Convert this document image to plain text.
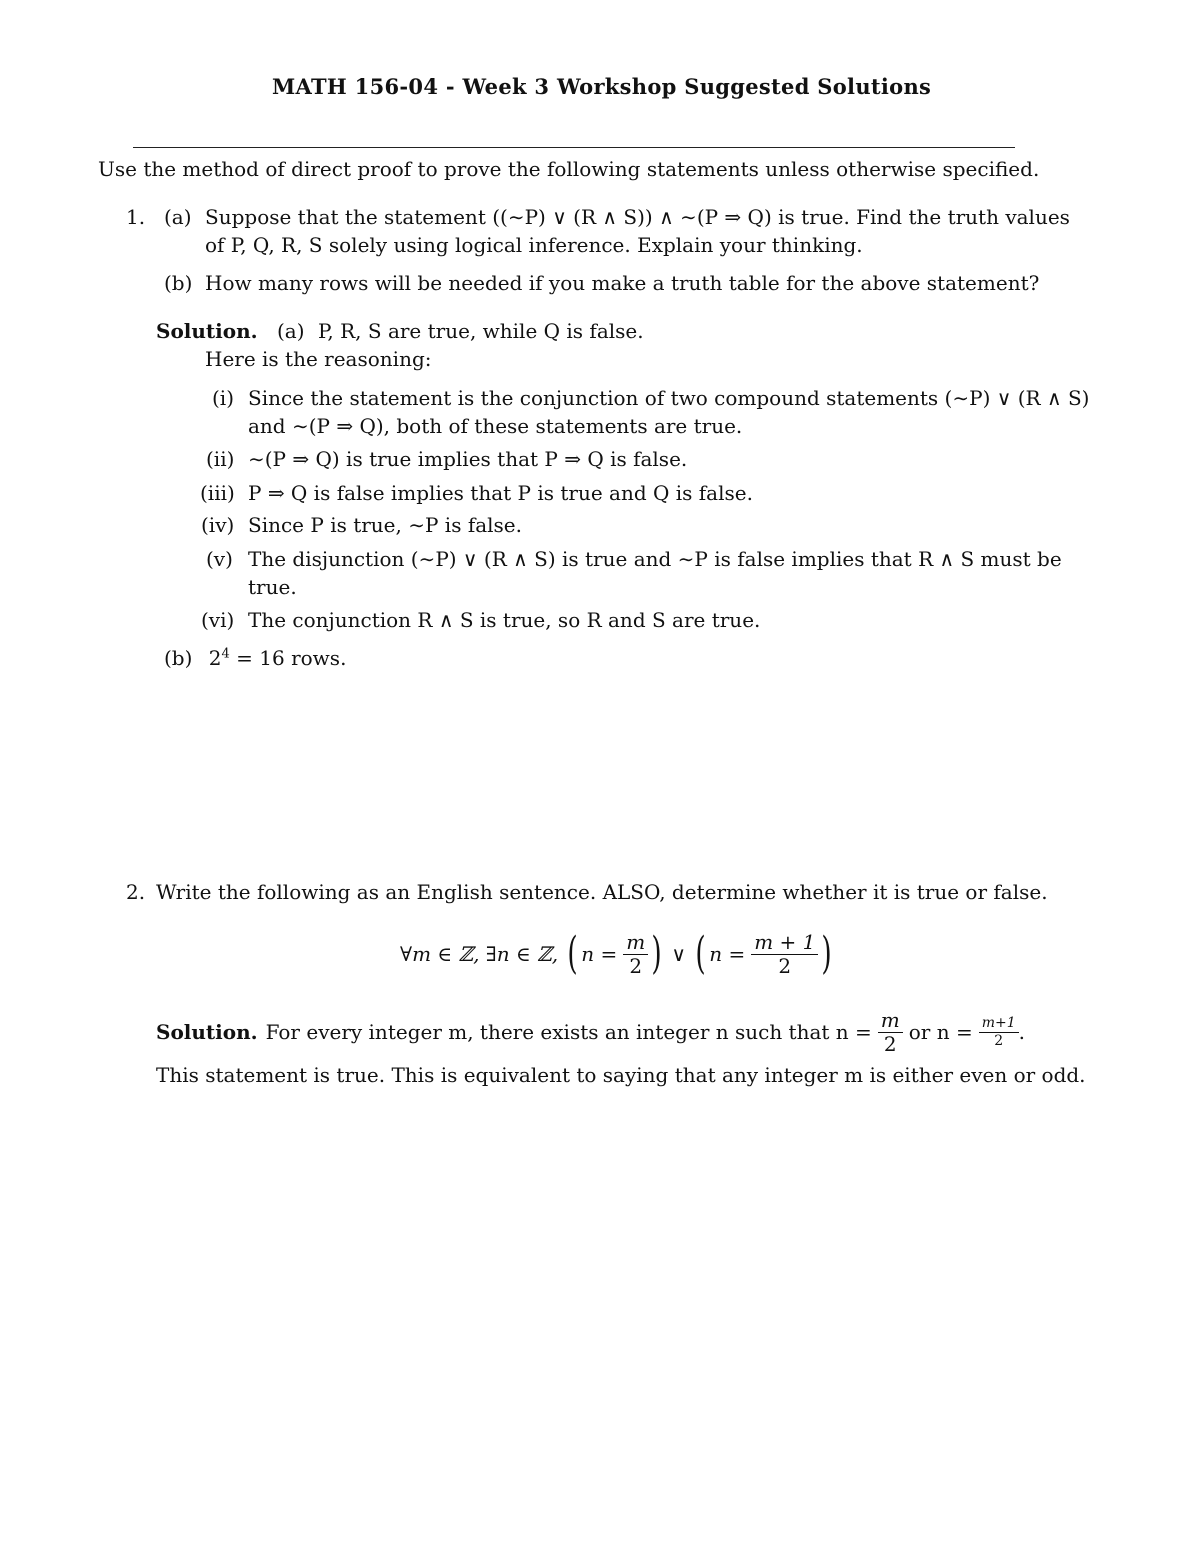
MATH 156-04 - Week 3 Workshop Suggested Solutions
Use the method of direct proof to prove the following statements unless otherwise specified.
1. (a) Suppose that the statement ((∼P) ∨ (R ∧ S)) ∧ ∼(P ⇒ Q) is true. Find the truth values
of P, Q, R, S solely using logical inference. Explain your thinking.
(b) How many rows will be needed if you make a truth table for the above statement?
Solution. (a) P, R, S are true, while Q is false.
Here is the reasoning:
(i) Since the statement is the conjunction of two compound statements (∼P) ∨ (R ∧ S)
and ∼(P ⇒ Q), both of these statements are true.
(ii) ∼(P ⇒ Q) is true implies that P ⇒ Q is false.
(iii) P ⇒ Q is false implies that P is true and Q is false.
(iv) Since P is true, ∼P is false.
(v) The disjunction (∼P) ∨ (R ∧ S) is true and ∼P is false implies that R ∧ S must be
true.
(vi) The conjunction R ∧ S is true, so R and S are true.
(b) $2^4 = 16$ rows.
2. Write the following as an English sentence. ALSO, determine whether it is true or false.
∀m ∈ ℤ, ∃n ∈ ℤ, ( $n = \frac{m}{2}$ ) ∨ ( $n = \frac{m + 1}{2}$ )
Solution. For every integer m, there exists an integer n such that $n = \frac{m}{2}$ or $n = \frac{m+1}{2}$ .
This statement is true. This is equivalent to saying that any integer m is either even or odd.
